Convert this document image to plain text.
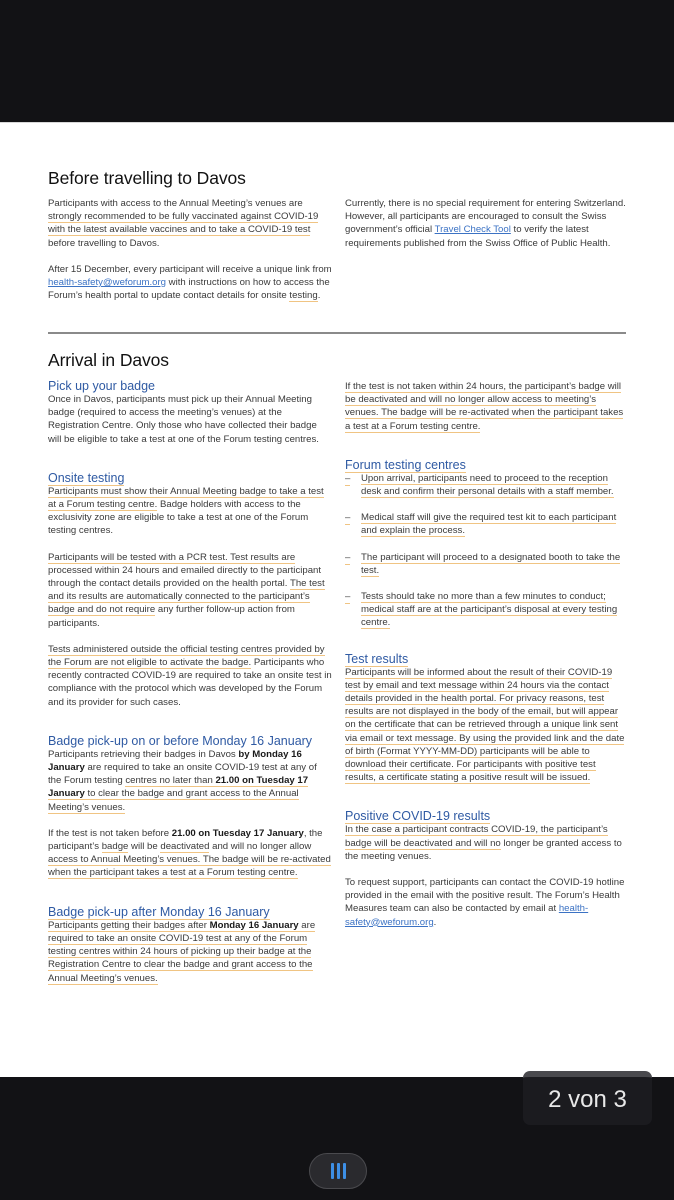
Before travelling to Davos

Participants with access to the Annual Meeting’s venues are strongly recommended to be fully vaccinated against COVID-19 with the latest available vaccines and to take a COVID-19 test before travelling to Davos.

After 15 December, every participant will receive a unique link from health-safety@weforum.org with instructions on how to access the Forum’s health portal to update contact details for onsite testing.

Currently, there is no special requirement for entering Switzerland. However, all participants are encouraged to consult the Swiss government’s official Travel Check Tool to verify the latest requirements published from the Swiss Office of Public Health.

Arrival in Davos
Pick up your badge

Once in Davos, participants must pick up their Annual Meeting badge (required to access the meeting’s venues) at the Registration Centre. Only those who have collected their badge will be eligible to take a test at one of the Forum testing centres.

Onsite testing

Participants must show their Annual Meeting badge to take a test at a Forum testing centre. Badge holders with access to the exclusivity zone are eligible to take a test at one of the Forum testing centres.

Participants will be tested with a PCR test. Test results are processed within 24 hours and emailed directly to the participant through the contact details provided on the health portal. The test and its results are automatically connected to the participant’s badge and do not require any further follow-up action from participants.

Tests administered outside the official testing centres provided by the Forum are not eligible to activate the badge. Participants who recently contracted COVID-19 are required to take an onsite test in compliance with the protocol which was developed by the Forum and its provider for such cases.

Badge pick-up on or before Monday 16 January

Participants retrieving their badges in Davos by Monday 16 January are required to take an onsite COVID-19 test at any of the Forum testing centres no later than 21.00 on Tuesday 17 January to clear the badge and grant access to the Annual Meeting’s venues.

If the test is not taken before 21.00 on Tuesday 17 January, the participant’s badge will be deactivated and will no longer allow access to Annual Meeting’s venues. The badge will be re-activated when the participant takes a test at a Forum testing centre.

Badge pick-up after Monday 16 January

Participants getting their badges after Monday 16 January are required to take an onsite COVID-19 test at any of the Forum testing centres within 24 hours of picking up their badge at the Registration Centre to clear the badge and grant access to the Annual Meeting’s venues.

If the test is not taken within 24 hours, the participant’s badge will be deactivated and will no longer allow access to meeting’s venues. The badge will be re-activated when the participant takes a test at a Forum testing centre.

Forum testing centres
– Upon arrival, participants need to proceed to the reception desk and confirm their personal details with a staff member.
– Medical staff will give the required test kit to each participant and explain the process.
– The participant will proceed to a designated booth to take the test.
– Tests should take no more than a few minutes to conduct; medical staff are at the participant’s disposal at every testing centre.
Test results

Participants will be informed about the result of their COVID-19 test by email and text message within 24 hours via the contact details provided in the health portal. For privacy reasons, test results are not displayed in the body of the email, but will appear on the certificate that can be retrieved through a unique link sent via email or text message. By using the provided link and the date of birth (Format YYYY-MM-DD) participants will be able to download their certificate. For participants with positive test results, a certificate stating a positive result will be issued.

Positive COVID-19 results

In the case a participant contracts COVID-19, the participant’s badge will be deactivated and will no longer be granted access to the meeting venues.

To request support, participants can contact the COVID-19 hotline provided in the email with the positive result. The Forum’s Health Measures team can also be contacted by email at health-safety@weforum.org.

2 von 3
